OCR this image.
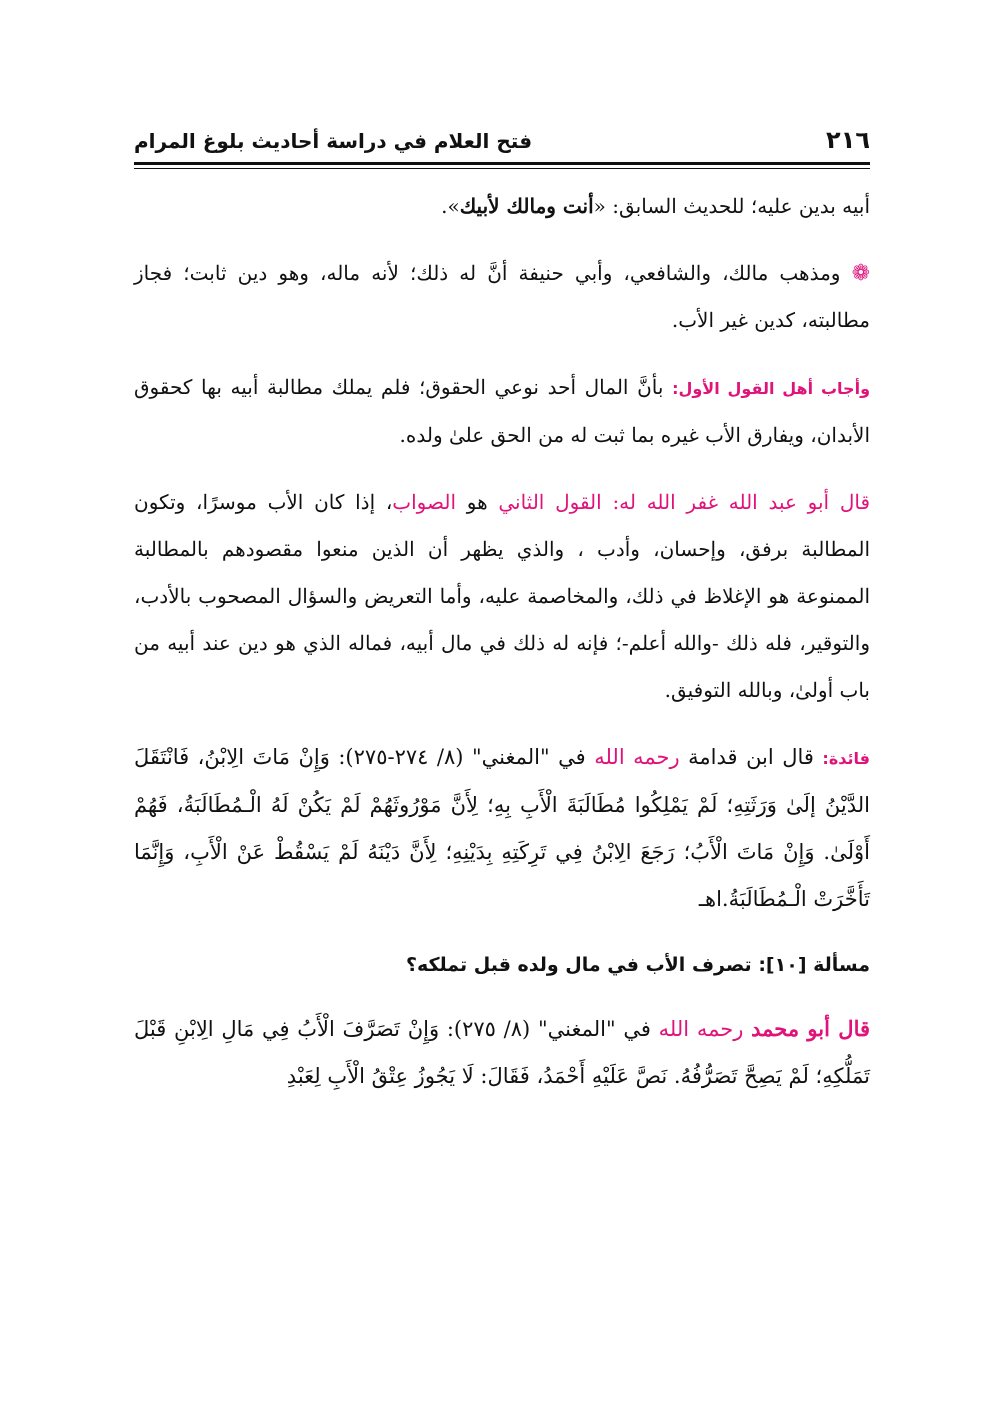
٢١٦
فتح العلام في دراسة أحاديث بلوغ المرام

أبيه بدين عليه؛ للحديث السابق: «أنت ومالك لأبيك».

❁ ومذهب مالك، والشافعي، وأبي حنيفة أنَّ له ذلك؛ لأنه ماله، وهو دين ثابت؛ فجاز مطالبته، كدين غير الأب.

وأجاب أهل القول الأول: بأنَّ المال أحد نوعي الحقوق؛ فلم يملك مطالبة أبيه بها كحقوق الأبدان، ويفارق الأب غيره بما ثبت له من الحق علىٰ ولده.

قال أبو عبد الله غفر الله له: القول الثاني هو الصواب، إذا كان الأب موسرًا، وتكون المطالبة برفق، وإحسان، وأدب ، والذي يظهر أن الذين منعوا مقصودهم بالمطالبة الممنوعة هو الإغلاظ في ذلك، والمخاصمة عليه، وأما التعريض والسؤال المصحوب بالأدب، والتوقير، فله ذلك -والله أعلم-؛ فإنه له ذلك في مال أبيه، فماله الذي هو دين عند أبيه من باب أولىٰ، وبالله التوفيق.

فائدة: قال ابن قدامة رحمه الله في "المغني" (٨/ ٢٧٤-٢٧٥): وَإِنْ مَاتَ الِابْنُ، فَانْتَقَلَ الدَّيْنُ إلَىٰ وَرَثَتِهِ؛ لَمْ يَمْلِكُوا مُطَالَبَةَ الْأَبِ بِهِ؛ لِأَنَّ مَوْرُوثَهُمْ لَمْ يَكُنْ لَهُ الْـمُطَالَبَةُ، فَهُمْ أَوْلَىٰ. وَإِنْ مَاتَ الْأَبُ؛ رَجَعَ الِابْنُ فِي تَرِكَتِهِ بِدَيْنِهِ؛ لِأَنَّ دَيْنَهُ لَمْ يَسْقُطْ عَنْ الْأَبِ، وَإِنَّمَا تَأَخَّرَتْ الْـمُطَالَبَةُ.اهـ

مسألة [١٠]: تصرف الأب في مال ولده قبل تملكه؟

قال أبو محمد رحمه الله في "المغني" (٨/ ٢٧٥): وَإِنْ تَصَرَّفَ الْأَبُ فِي مَالِ الِابْنِ قَبْلَ تَمَلُّكِهِ؛ لَمْ يَصِحَّ تَصَرُّفُهُ. نَصَّ عَلَيْهِ أَحْمَدُ، فَقَالَ: لَا يَجُوزُ عِتْقُ الْأَبِ لِعَبْدِ
